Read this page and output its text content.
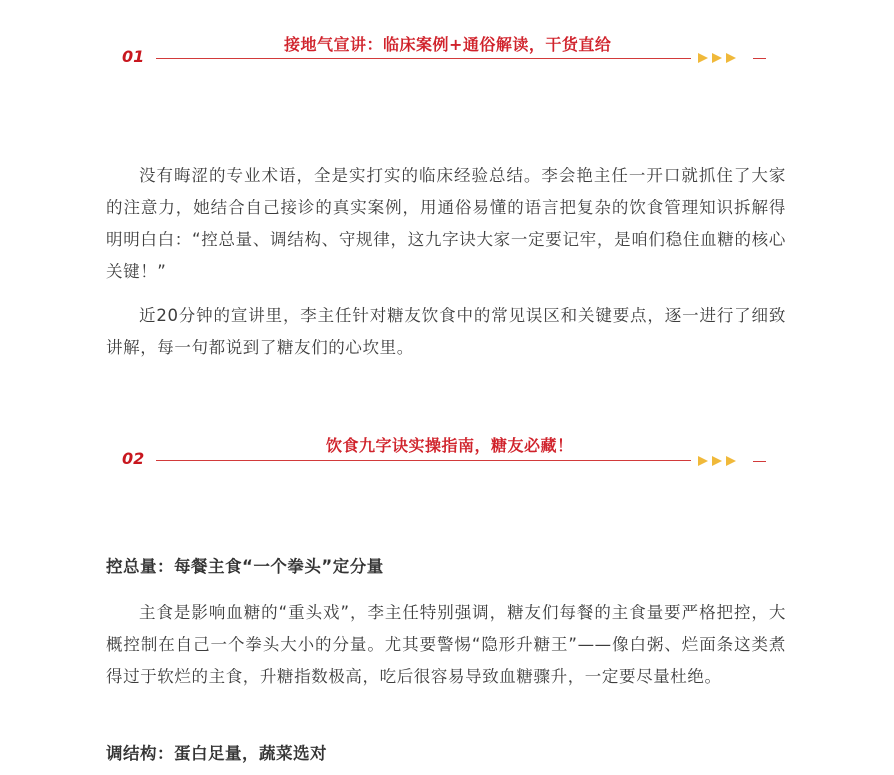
接地气宣讲：临床案例+通俗解读，干货直给
01

没有晦涩的专业术语，全是实打实的临床经验总结。李会艳主任一开口就抓住了大家的注意力，她结合自己接诊的真实案例，用通俗易懂的语言把复杂的饮食管理知识拆解得明明白白：“控总量、调结构、守规律，这九字诀大家一定要记牢，是咱们稳住血糖的核心关键！”

近20分钟的宣讲里，李主任针对糖友饮食中的常见误区和关键要点，逐一进行了细致讲解，每一句都说到了糖友们的心坎里。

饮食九字诀实操指南，糖友必藏！
02

控总量：每餐主食“一个拳头”定分量

主食是影响血糖的“重头戏”，李主任特别强调，糖友们每餐的主食量要严格把控，大概控制在自己一个拳头大小的分量。尤其要警惕“隐形升糖王”——像白粥、烂面条这类煮得过于软烂的主食，升糖指数极高，吃后很容易导致血糖骤升，一定要尽量杜绝。

调结构：蛋白足量，蔬菜选对
